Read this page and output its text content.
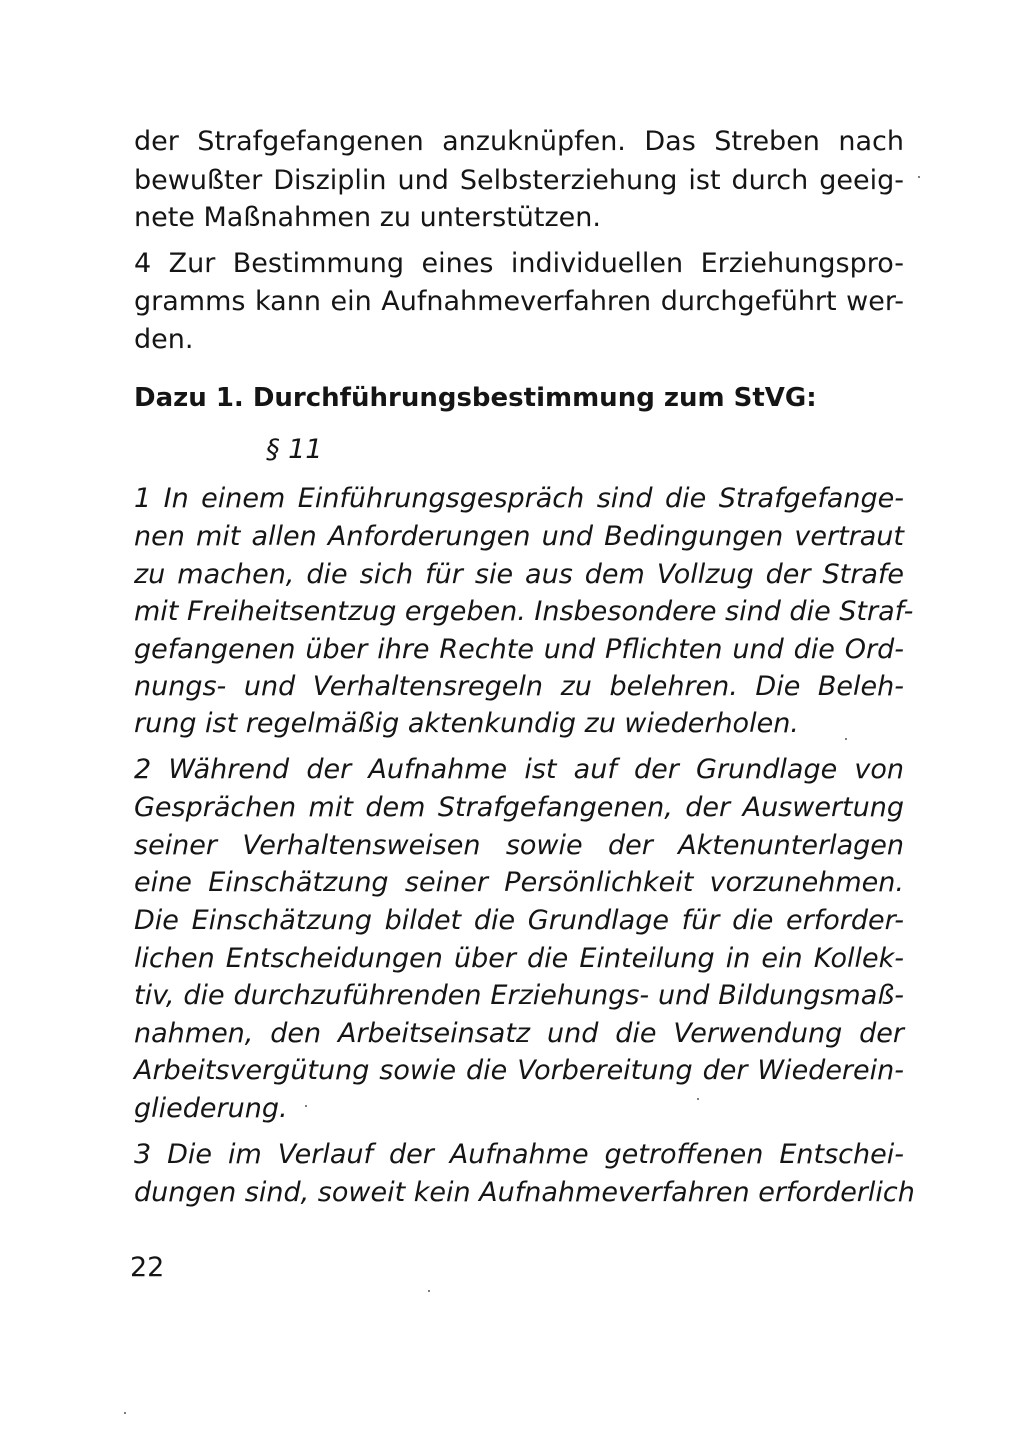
der Strafgefangenen anzuknüpfen. Das Streben nach
bewußter Disziplin und Selbsterziehung ist durch geeig-
nete Maßnahmen zu unterstützen.
4 Zur Bestimmung eines individuellen Erziehungspro-
gramms kann ein Aufnahmeverfahren durchgeführt wer-
den.
Dazu 1. Durchführungsbestimmung zum StVG:
§ 11
1 In einem Einführungsgespräch sind die Strafgefange-
nen mit allen Anforderungen und Bedingungen vertraut
zu machen, die sich für sie aus dem Vollzug der Strafe
mit Freiheitsentzug ergeben. Insbesondere sind die Straf-
gefangenen über ihre Rechte und Pflichten und die Ord-
nungs- und Verhaltensregeln zu belehren. Die Beleh-
rung ist regelmäßig aktenkundig zu wiederholen.
2 Während der Aufnahme ist auf der Grundlage von
Gesprächen mit dem Strafgefangenen, der Auswertung
seiner Verhaltensweisen sowie der Aktenunterlagen
eine Einschätzung seiner Persönlichkeit vorzunehmen.
Die Einschätzung bildet die Grundlage für die erforder-
lichen Entscheidungen über die Einteilung in ein Kollek-
tiv, die durchzuführenden Erziehungs- und Bildungsmaß-
nahmen, den Arbeitseinsatz und die Verwendung der
Arbeitsvergütung sowie die Vorbereitung der Wiederein-
gliederung.
3 Die im Verlauf der Aufnahme getroffenen Entschei-
dungen sind, soweit kein Aufnahmeverfahren erforderlich
22
